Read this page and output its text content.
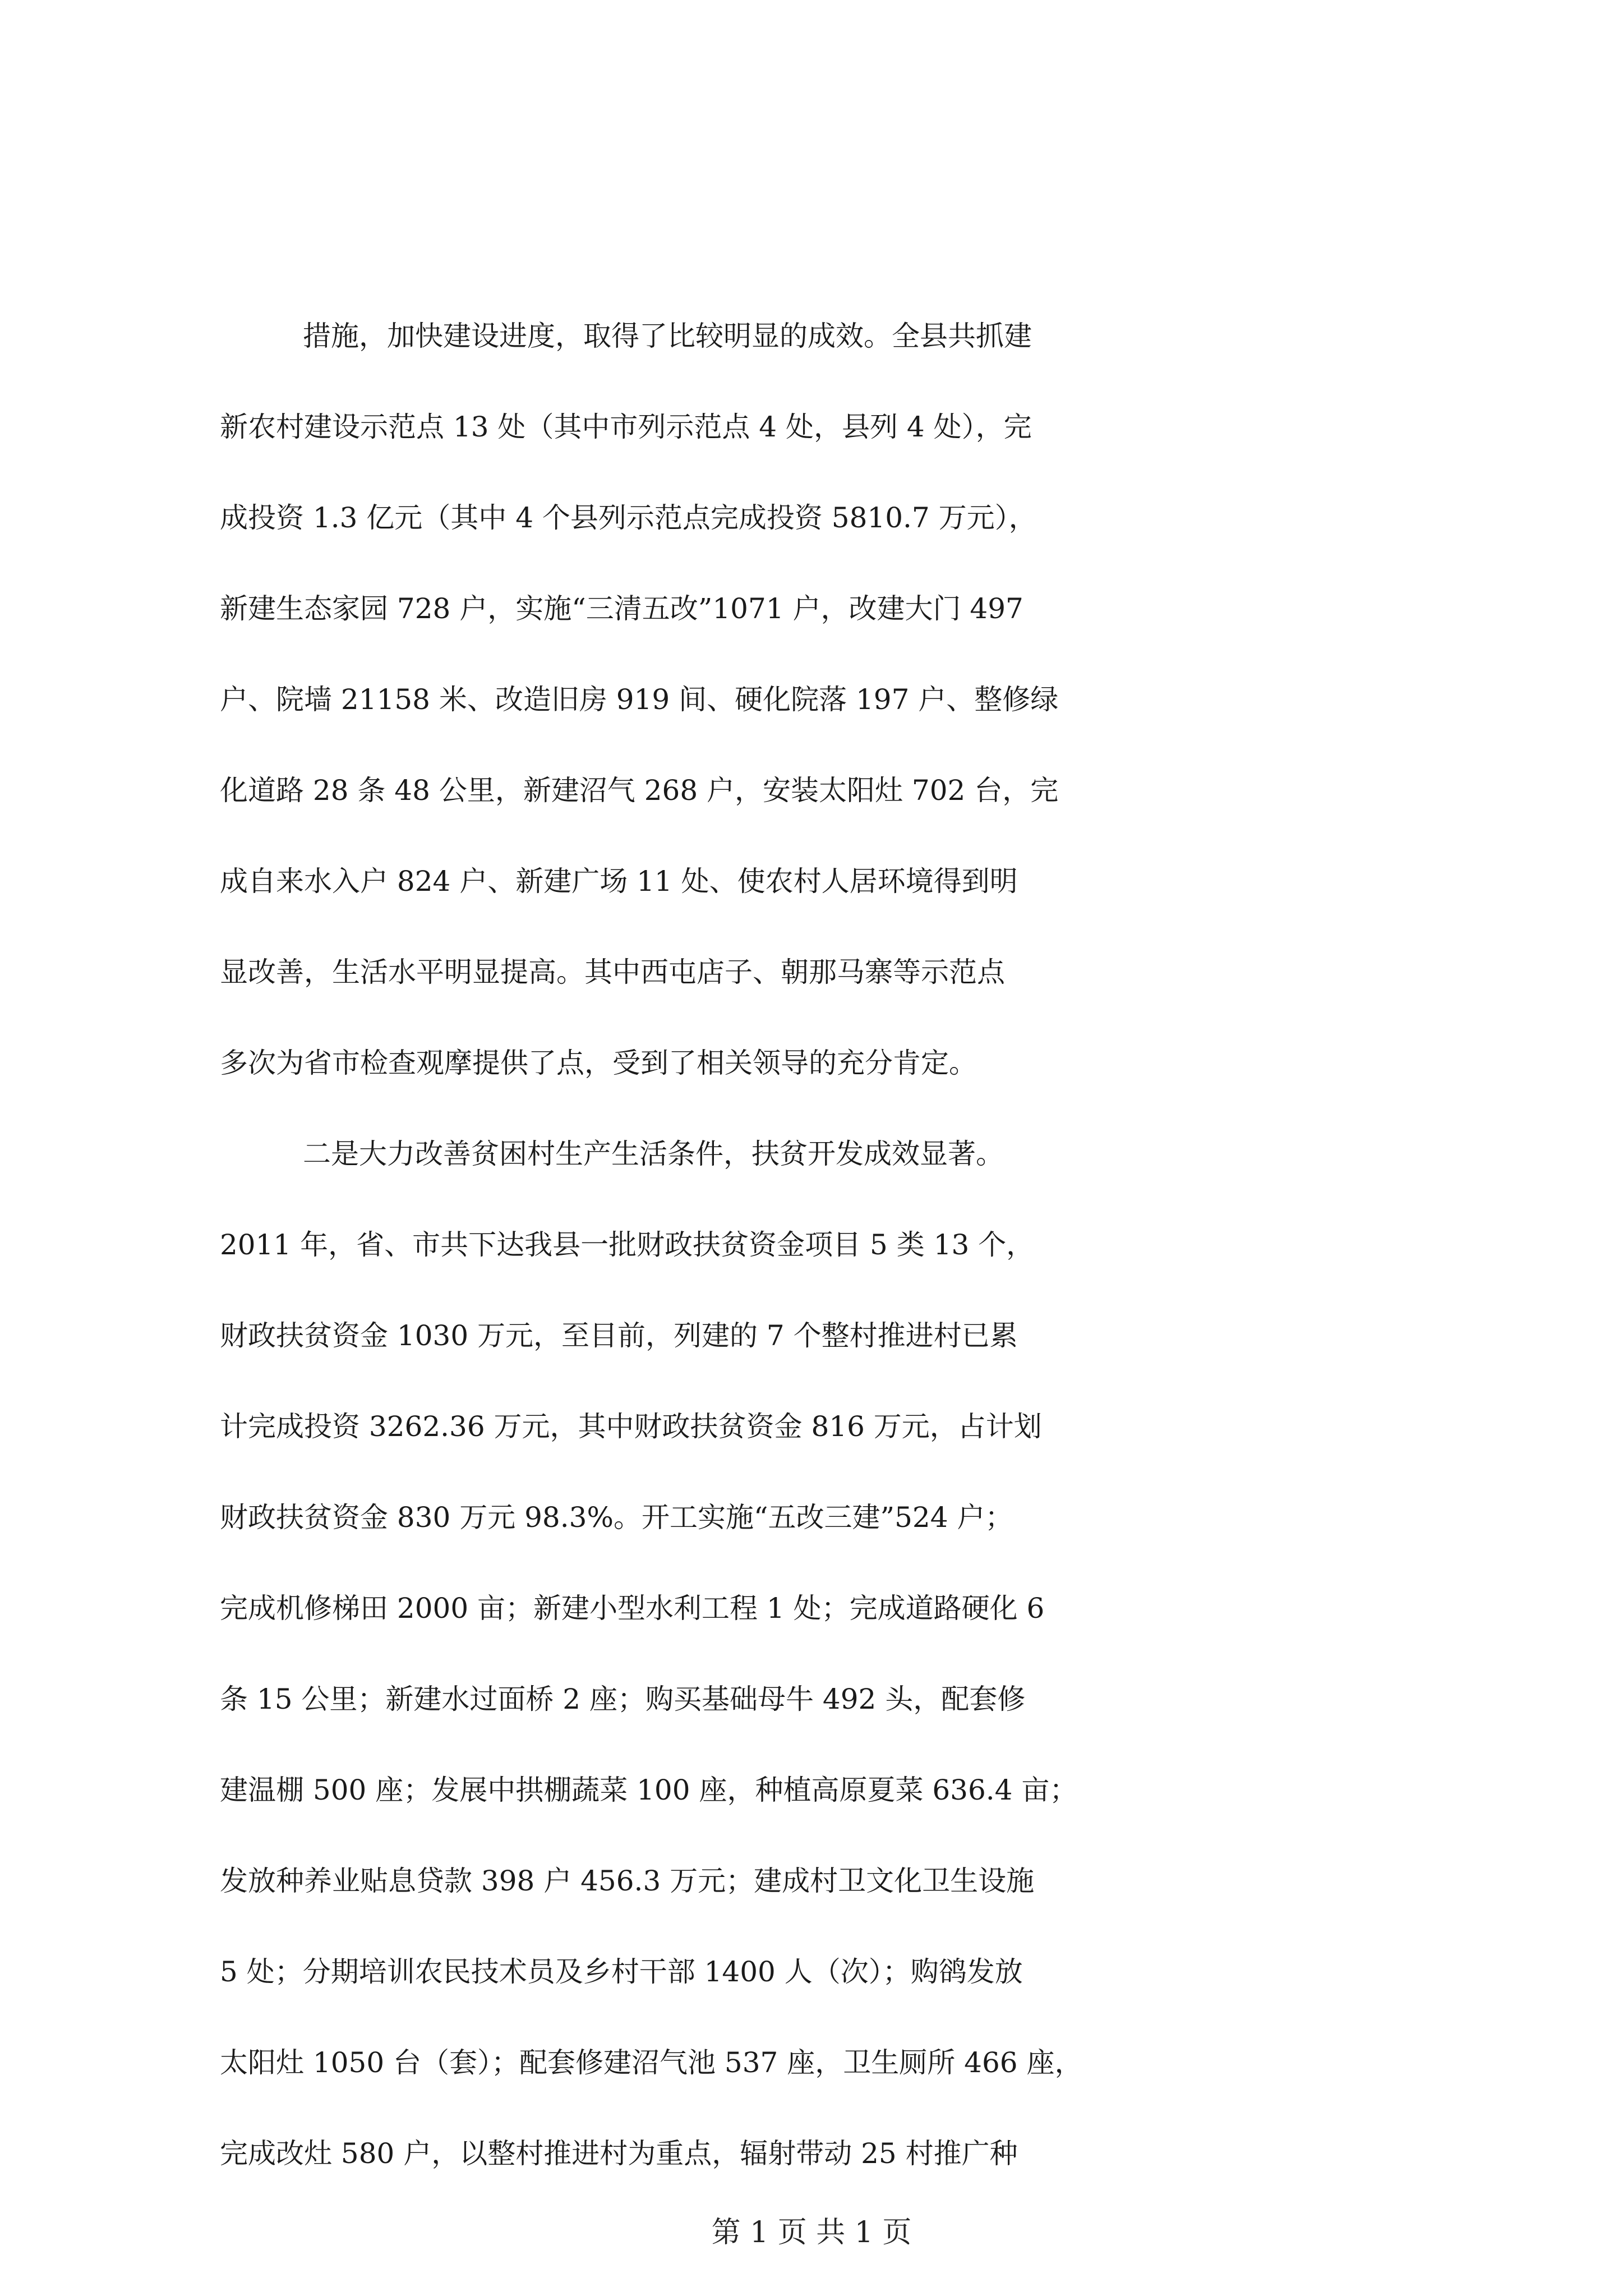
措施，加快建设进度，取得了比较明显的成效。全县共抓建
新农村建设示范点 13 处（其中市列示范点 4 处，县列 4 处），完
成投资 1.3 亿元（其中 4 个县列示范点完成投资 5810.7 万元），
新建生态家园 728 户，实施“三清五改”1071 户，改建大门 497
户、院墙 21158 米、改造旧房 919 间、硬化院落 197 户、整修绿
化道路 28 条 48 公里，新建沼气 268 户，安装太阳灶 702 台，完
成自来水入户 824 户、新建广场 11 处、使农村人居环境得到明
显改善，生活水平明显提高。其中西屯店子、朝那马寨等示范点
多次为省市检查观摩提供了点，受到了相关领导的充分肯定。
二是大力改善贫困村生产生活条件，扶贫开发成效显著。
2011 年，省、市共下达我县一批财政扶贫资金项目 5 类 13 个，
财政扶贫资金 1030 万元，至目前，列建的 7 个整村推进村已累
计完成投资 3262.36 万元，其中财政扶贫资金 816 万元，占计划
财政扶贫资金 830 万元 98.3%。开工实施“五改三建”524 户；
完成机修梯田 2000 亩；新建小型水利工程 1 处；完成道路硬化 6
条 15 公里；新建水过面桥 2 座；购买基础母牛 492 头，配套修
建温棚 500 座；发展中拱棚蔬菜 100 座，种植高原夏菜 636.4 亩；
发放种养业贴息贷款 398 户 456.3 万元；建成村卫文化卫生设施
5 处；分期培训农民技术员及乡村干部 1400 人（次）；购鹆发放
太阳灶 1050 台（套）；配套修建沼气池 537 座，卫生厕所 466 座，
完成改灶 580 户，以整村推进村为重点，辐射带动 25 村推广种
第 1 页 共 1 页
